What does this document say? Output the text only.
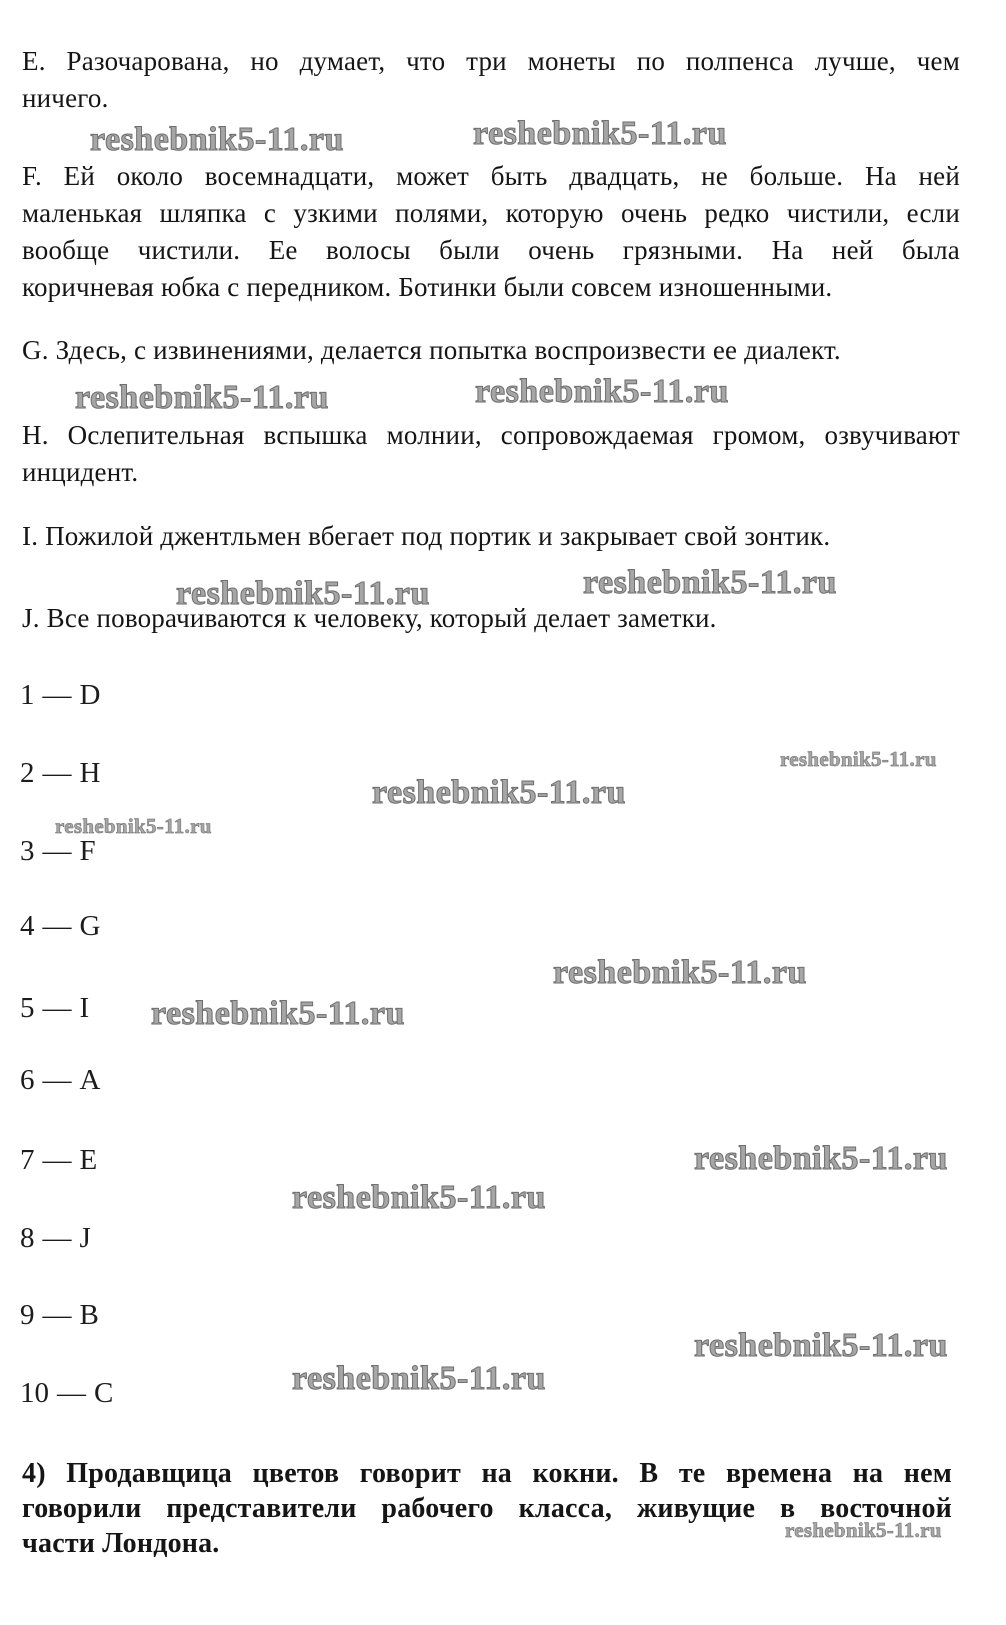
Е. Разочарована, но думает, что три монеты по полпенса лучше, чем
ничего.
reshebnik5-11.ru	reshebnik5-11.ru
F. Ей около восемнадцати, может быть двадцать, не больше. На ней
маленькая шляпка с узкими полями, которую очень редко чистили, если
вообще чистили. Ее волосы были очень грязными. На ней была
коричневая юбка с передником. Ботинки были совсем изношенными.
G. Здесь, с извинениями, делается попытка воспроизвести ее диалект.
reshebnik5-11.ru	reshebnik5-11.ru
Н. Ослепительная вспышка молнии, сопровождаемая громом, озвучивают
инцидент.
I. Пожилой джентльмен вбегает под портик и закрывает свой зонтик.
reshebnik5-11.ru	reshebnik5-11.ru
J. Все поворачиваются к человеку, который делает заметки.
1 — D
2 — H
3 — F
4 — G
5 — I
6 — A
7 — E
8 — J
9 — B
10 — C
reshebnik5-11.ru
reshebnik5-11.ru
reshebnik5-11.ru
reshebnik5-11.ru
reshebnik5-11.ru
reshebnik5-11.ru
reshebnik5-11.ru
reshebnik5-11.ru
reshebnik5-11.ru
4) Продавщица цветов говорит на кокни. В те времена на нем
говорили представители рабочего класса, живущие в восточной
части Лондона.	reshebnik5-11.ru
